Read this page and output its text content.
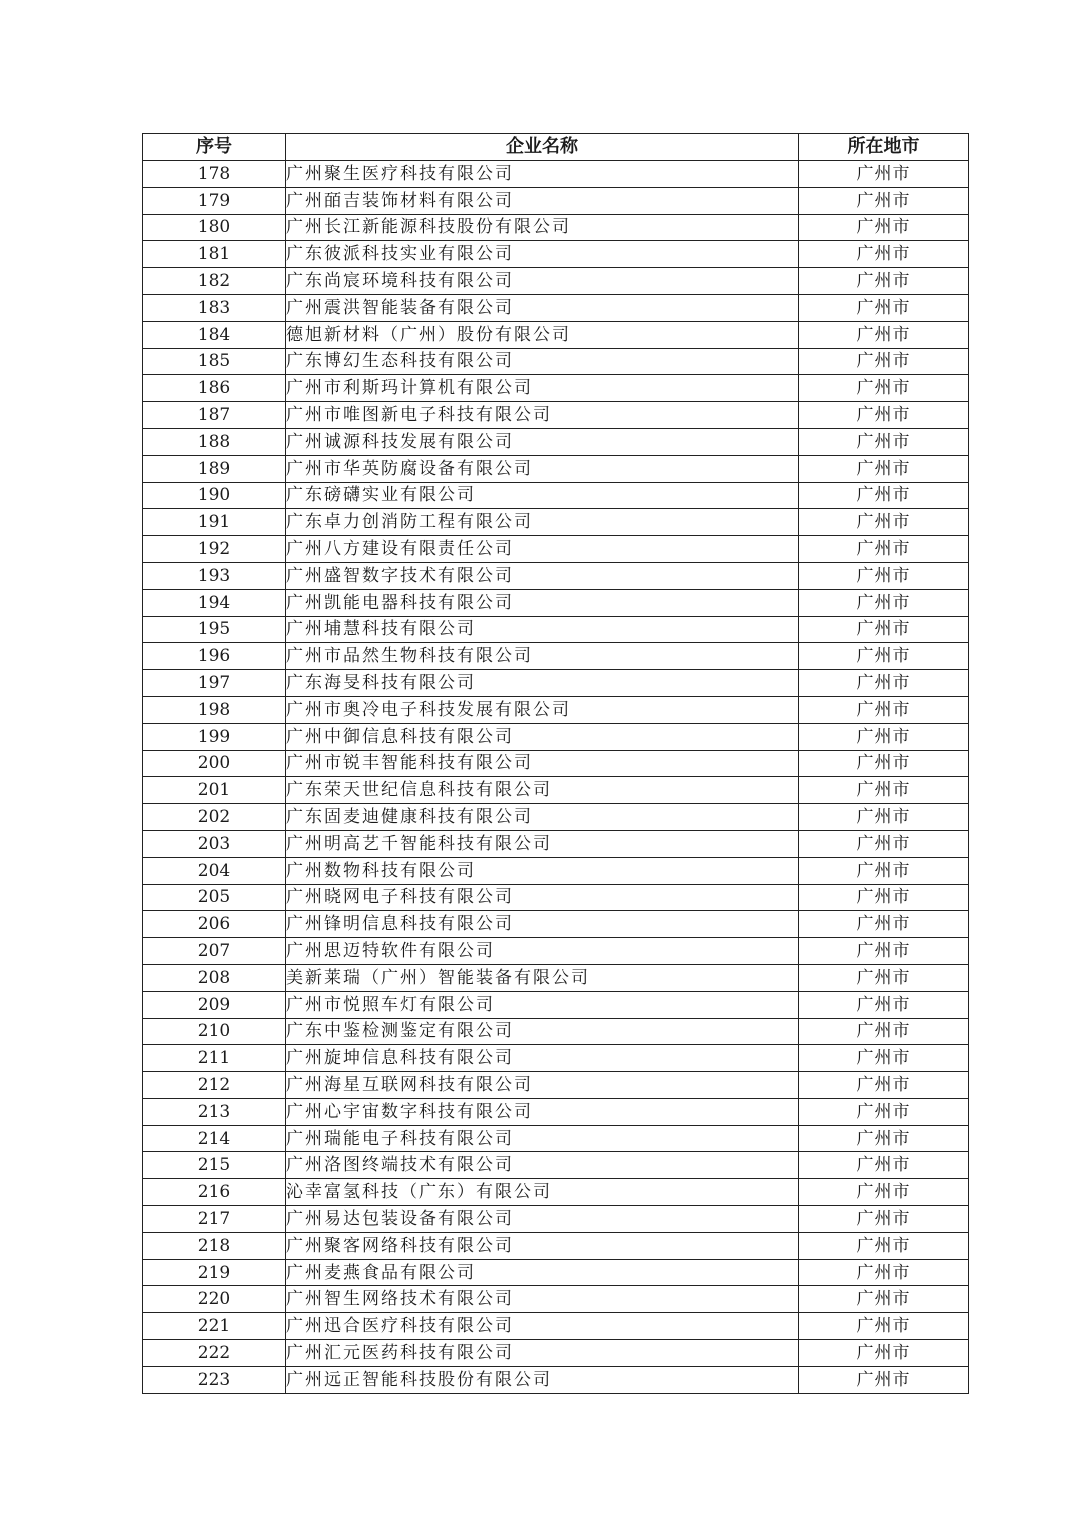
序号	企业名称	所在地市
178	广州聚生医疗科技有限公司	广州市
179	广州皕吉装饰材料有限公司	广州市
180	广州长江新能源科技股份有限公司	广州市
181	广东彼派科技实业有限公司	广州市
182	广东尚宸环境科技有限公司	广州市
183	广州震洪智能装备有限公司	广州市
184	德旭新材料（广州）股份有限公司	广州市
185	广东博幻生态科技有限公司	广州市
186	广州市利斯玛计算机有限公司	广州市
187	广州市唯图新电子科技有限公司	广州市
188	广州诚源科技发展有限公司	广州市
189	广州市华英防腐设备有限公司	广州市
190	广东磅礴实业有限公司	广州市
191	广东卓力创消防工程有限公司	广州市
192	广州八方建设有限责任公司	广州市
193	广州盛智数字技术有限公司	广州市
194	广州凯能电器科技有限公司	广州市
195	广州埔慧科技有限公司	广州市
196	广州市品然生物科技有限公司	广州市
197	广东海旻科技有限公司	广州市
198	广州市奥冷电子科技发展有限公司	广州市
199	广州中御信息科技有限公司	广州市
200	广州市锐丰智能科技有限公司	广州市
201	广东荣天世纪信息科技有限公司	广州市
202	广东固麦迪健康科技有限公司	广州市
203	广州明高艺千智能科技有限公司	广州市
204	广州数物科技有限公司	广州市
205	广州晓网电子科技有限公司	广州市
206	广州锋明信息科技有限公司	广州市
207	广州思迈特软件有限公司	广州市
208	美新莱瑞（广州）智能装备有限公司	广州市
209	广州市悦照车灯有限公司	广州市
210	广东中鉴检测鉴定有限公司	广州市
211	广州旋坤信息科技有限公司	广州市
212	广州海星互联网科技有限公司	广州市
213	广州心宇宙数字科技有限公司	广州市
214	广州瑞能电子科技有限公司	广州市
215	广州洛图终端技术有限公司	广州市
216	沁幸富氢科技（广东）有限公司	广州市
217	广州易达包装设备有限公司	广州市
218	广州聚客网络科技有限公司	广州市
219	广州麦燕食品有限公司	广州市
220	广州智生网络技术有限公司	广州市
221	广州迅合医疗科技有限公司	广州市
222	广州汇元医药科技有限公司	广州市
223	广州远正智能科技股份有限公司	广州市
